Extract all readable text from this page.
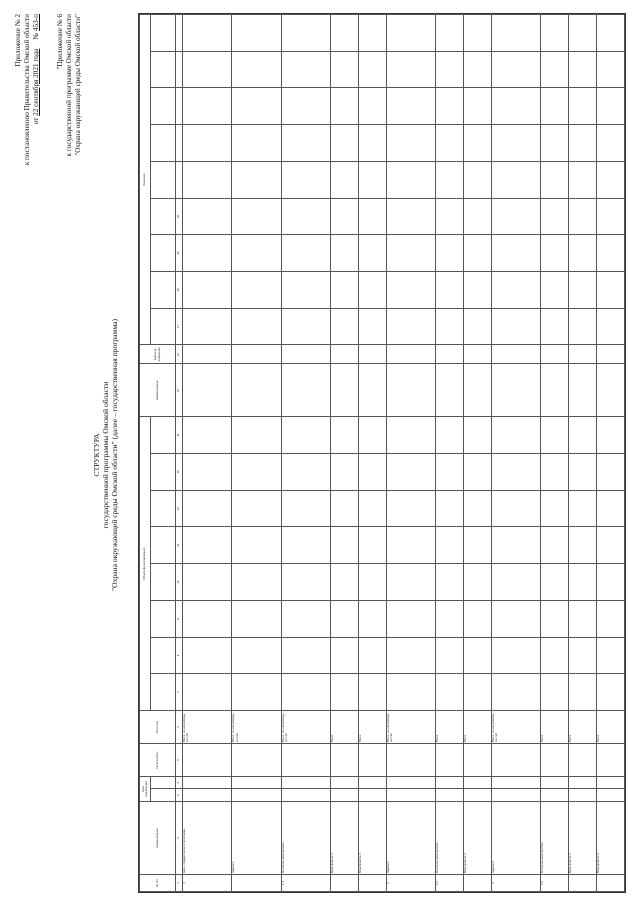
Приложение № 2 к постановлению Правительства Омской области от 22 сентября 2021 года     № 453-п "Приложение № 6 к государственной программе Омской области "Охрана окружающей среды Омской области"
СТРУКТУРА государственной программы Омской области "Охрана окружающей среды Омской области" (далее – государственная программа)
№ п/п	Наименование	Срок реализации		Исполнитель	Источник	Объем финансирования								Наименование	Единица измерения	Значение								

1	2	3	4	5	6	7	8	9	10	11	12	13	14	15	16	17	18	19	20					
1	Цель государственной программы				Всего, из них расходы за счет																			
	Задача 1				Всего, из них расходы за счет																			
1.1	Основное мероприятие				Всего, из них расходы за счет																			
	Мероприятие 1				Всего																			
	Мероприятие 2				Всего																			
2	Задача 2				Всего, из них расходы за счет																			
2.1	Основное мероприятие				Всего																			
	Мероприятие 1				Всего																			
3	Задача 3				Всего, из них расходы за счет																			
3.1	Основное мероприятие				Всего																			
	Мероприятие 1				Всего																			
	Мероприятие 2				Всего																			
